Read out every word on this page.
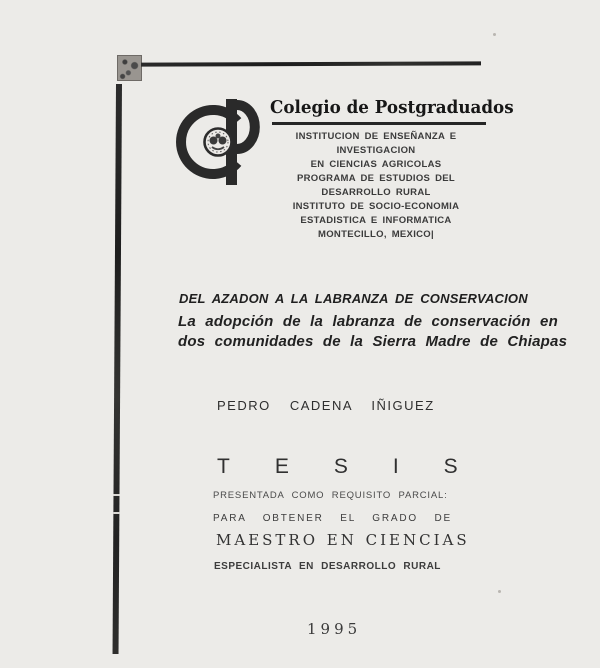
Colegio de Postgraduados
INSTITUCION DE ENSEÑANZA E
INVESTIGACION
EN CIENCIAS AGRICOLAS
PROGRAMA DE ESTUDIOS DEL
DESARROLLO RURAL
INSTITUTO DE SOCIO-ECONOMIA
ESTADISTICA E INFORMATICA
MONTECILLO, MEXICO|
DEL AZADON A LA LABRANZA DE CONSERVACION
La adopción de la labranza de conservación en
dos comunidades de la Sierra Madre de Chiapas
PEDRO CADENA IÑIGUEZ
TESIS
PRESENTADA COMO REQUISITO PARCIAL:
PARA OBTENER EL GRADO DE
MAESTRO EN CIENCIAS
ESPECIALISTA EN DESARROLLO RURAL
1995
